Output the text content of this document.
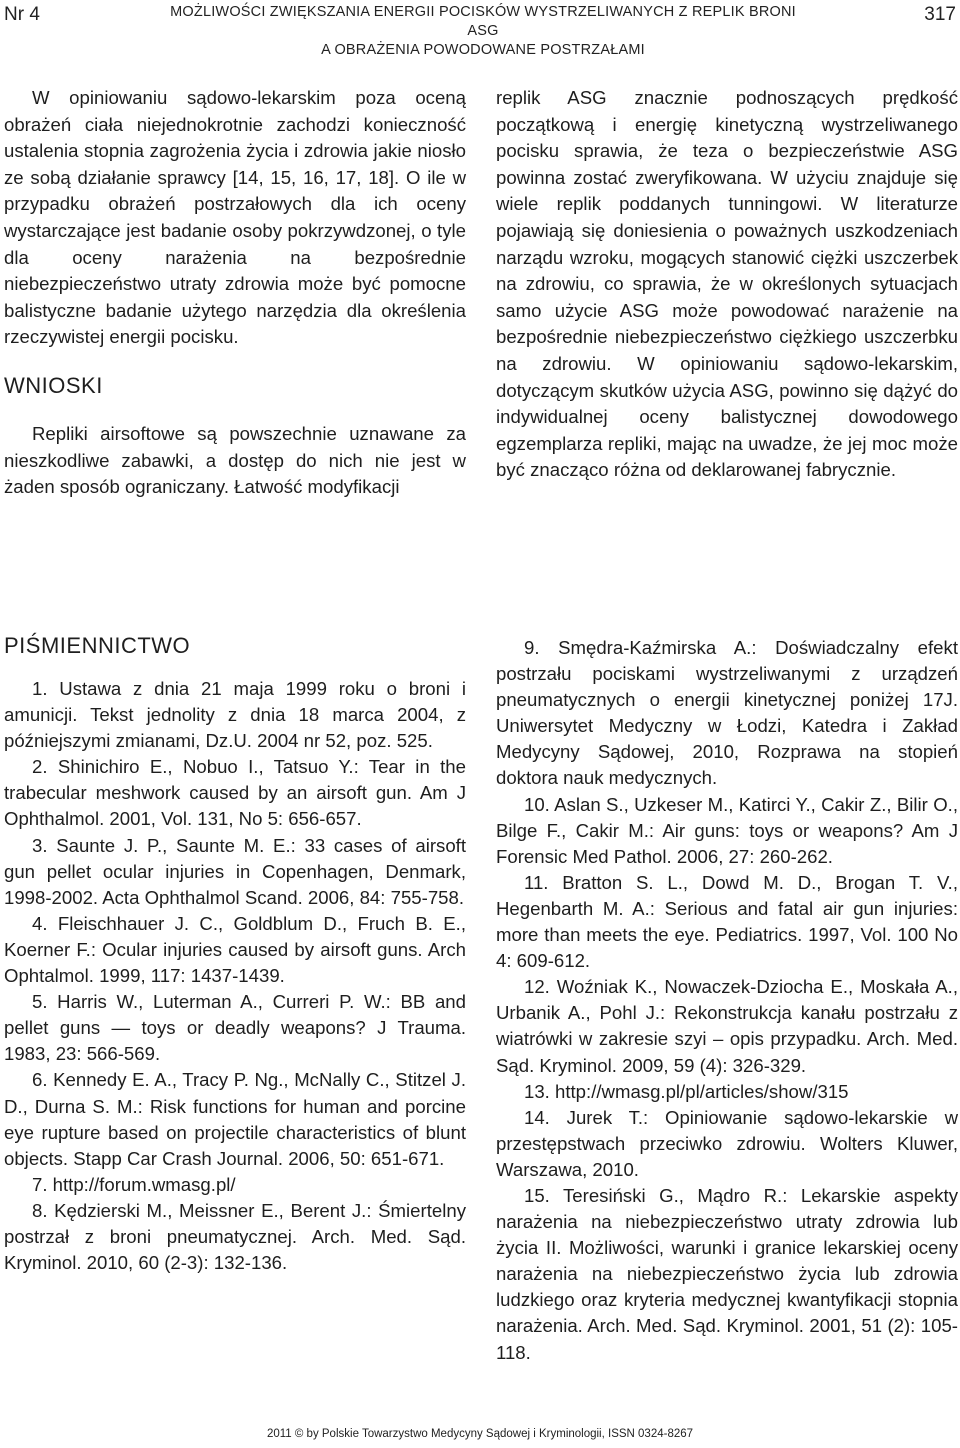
Nr 4	MOŻLIWOŚCI ZWIĘKSZANIA ENERGII POCISKÓW WYSTRZELIWANYCH Z REPLIK BRONI ASG
A OBRAŻENIA POWODOWANE POSTRZAŁAMI
317

W opiniowaniu sądowo-lekarskim poza oceną obrażeń ciała niejednokrotnie zachodzi konieczność ustalenia stopnia zagrożenia życia i zdrowia jakie niosło ze sobą działanie sprawcy [14, 15, 16, 17, 18]. O ile w przypadku obrażeń postrzałowych dla ich oceny wystarczające jest badanie osoby pokrzywdzonej, o tyle dla oceny narażenia na bezpośrednie niebezpieczeństwo utraty zdrowia może być pomocne balistyczne badanie użytego narzędzia dla określenia rzeczywistej energii pocisku.

WNIOSKI

Repliki airsoftowe są powszechnie uznawane za nieszkodliwe zabawki, a dostęp do nich nie jest w żaden sposób ograniczany. Łatwość modyfikacji

replik ASG znacznie podnoszących prędkość początkową i energię kinetyczną wystrzeliwanego pocisku sprawia, że teza o bezpieczeństwie ASG powinna zostać zweryfikowana. W użyciu znajduje się wiele replik poddanych tunningowi. W literaturze pojawiają się doniesienia o poważnych uszkodzeniach narządu wzroku, mogących stanowić ciężki uszczerbek na zdrowiu, co sprawia, że w określonych sytuacjach samo użycie ASG może powodować narażenie na bezpośrednie niebezpieczeństwo ciężkiego uszczerbku na zdrowiu. W opiniowaniu sądowo-lekarskim, dotyczącym skutków użycia ASG, powinno się dążyć do indywidualnej oceny balistycznej dowodowego egzemplarza repliki, mając na uwadze, że jej moc może być znacząco różna od deklarowanej fabrycznie.

PIŚMIENNICTWO

1. Ustawa z dnia 21 maja 1999 roku o broni i amunicji. Tekst jednolity z dnia 18 marca 2004, z późniejszymi zmianami, Dz.U. 2004 nr 52, poz. 525.

2. Shinichiro E., Nobuo I., Tatsuo Y.: Tear in the trabecular meshwork caused by an airsoft gun. Am J Ophthalmol. 2001, Vol. 131, No 5: 656-657.

3. Saunte J. P., Saunte M. E.: 33 cases of airsoft gun pellet ocular injuries in Copenhagen, Denmark, 1998-2002. Acta Ophthalmol Scand. 2006, 84: 755-758.

4. Fleischhauer J. C., Goldblum D., Fruch B. E., Koerner F.: Ocular injuries caused by airsoft guns. Arch Ophtalmol. 1999, 117: 1437-1439.

5. Harris W., Luterman A., Curreri P. W.: BB and pellet guns — toys or deadly weapons? J Trauma. 1983, 23: 566-569.

6. Kennedy E. A., Tracy P. Ng., McNally C., Stitzel J. D., Durna S. M.: Risk functions for human and porcine eye rupture based on projectile characteristics of blunt objects. Stapp Car Crash Journal. 2006, 50: 651-671.

7. http://forum.wmasg.pl/

8. Kędzierski M., Meissner E., Berent J.: Śmiertelny postrzał z broni pneumatycznej. Arch. Med. Sąd. Kryminol. 2010, 60 (2-3): 132-136.

9. Smędra-Kaźmirska A.: Doświadczalny efekt postrzału pociskami wystrzeliwanymi z urządzeń pneumatycznych o energii kinetycznej poniżej 17J. Uniwersytet Medyczny w Łodzi, Katedra i Zakład Medycyny Sądowej, 2010, Rozprawa na stopień doktora nauk medycznych.

10. Aslan S., Uzkeser M., Katirci Y., Cakir Z., Bilir O., Bilge F., Cakir M.: Air guns: toys or weapons? Am J Forensic Med Pathol. 2006, 27: 260-262.

11. Bratton S. L., Dowd M. D., Brogan T. V., Hegenbarth M. A.: Serious and fatal air gun injuries: more than meets the eye. Pediatrics. 1997, Vol. 100 No 4: 609-612.

12. Woźniak K., Nowaczek-Dziocha E., Moskała A., Urbanik A., Pohl J.: Rekonstrukcja kanału postrzału z wiatrówki w zakresie szyi – opis przypadku. Arch. Med. Sąd. Kryminol. 2009, 59 (4): 326-329.

13. http://wmasg.pl/pl/articles/show/315

14. Jurek T.: Opiniowanie sądowo-lekarskie w przestępstwach przeciwko zdrowiu. Wolters Kluwer, Warszawa, 2010.

15. Teresiński G., Mądro R.: Lekarskie aspekty narażenia na niebezpieczeństwo utraty zdrowia lub życia II. Możliwości, warunki i granice lekarskiej oceny narażenia na niebezpieczeństwo życia lub zdrowia ludzkiego oraz kryteria medycznej kwantyfikacji stopnia narażenia. Arch. Med. Sąd. Kryminol. 2001, 51 (2): 105-118.

2011 © by Polskie Towarzystwo Medycyny Sądowej i Kryminologii, ISSN 0324-8267
